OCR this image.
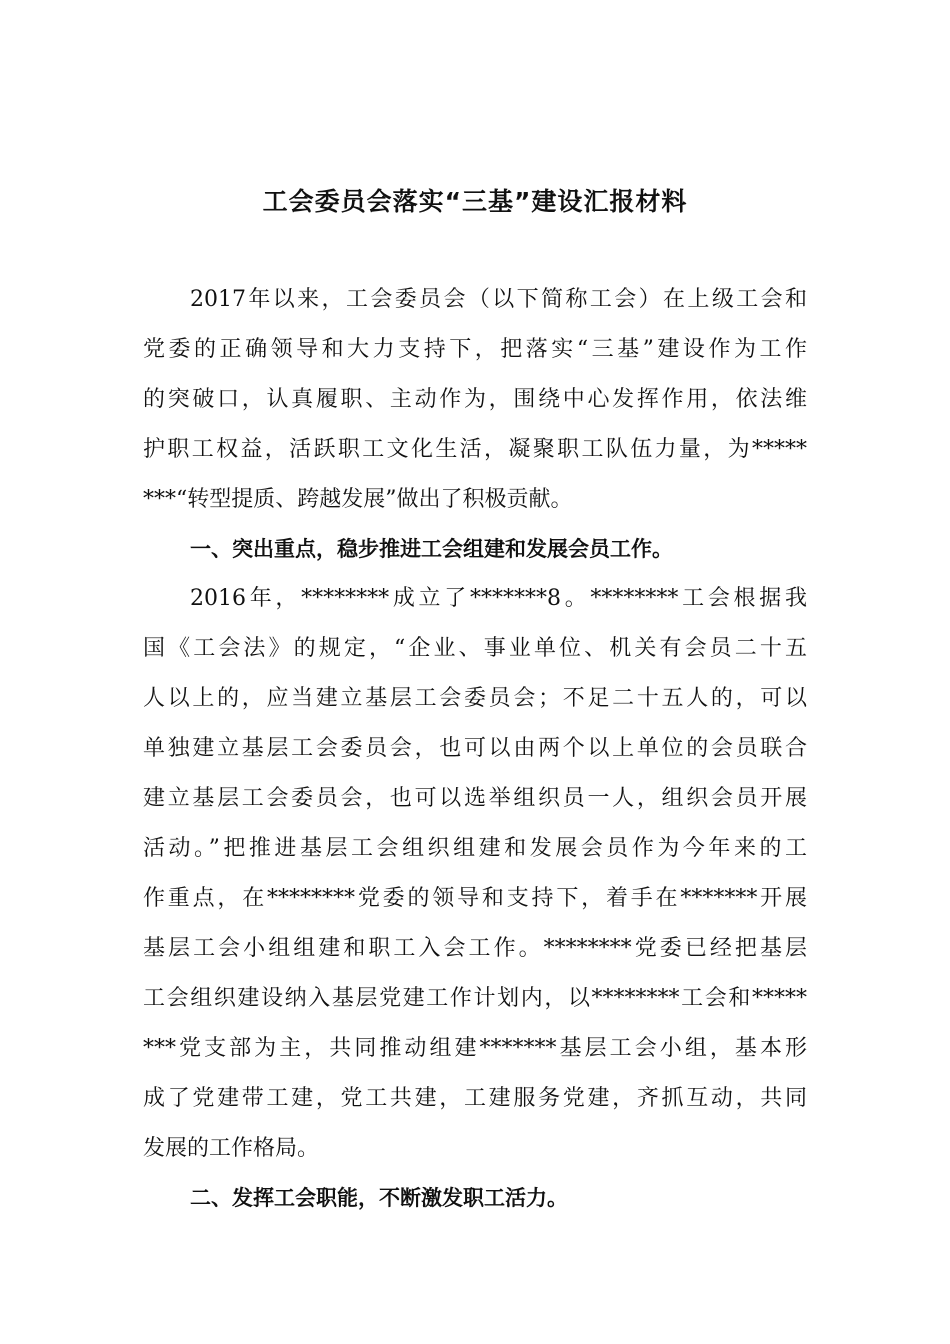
工会委员会落实“三基”建设汇报材料
2017年以来，工会委员会（以下简称工会）在上级工会和
党委的正确领导和大力支持下，把落实“三基”建设作为工作
的突破口，认真履职、主动作为，围绕中心发挥作用，依法维
护职工权益，活跃职工文化生活，凝聚职工队伍力量，为*****
***“转型提质、跨越发展”做出了积极贡献。
一、突出重点，稳步推进工会组建和发展会员工作。
2016年，********成立了*******8。********工会根据我
国《工会法》的规定，“企业、事业单位、机关有会员二十五
人以上的，应当建立基层工会委员会；不足二十五人的，可以
单独建立基层工会委员会，也可以由两个以上单位的会员联合
建立基层工会委员会，也可以选举组织员一人，组织会员开展
活动。”把推进基层工会组织组建和发展会员作为今年来的工
作重点，在********党委的领导和支持下，着手在*******开展
基层工会小组组建和职工入会工作。********党委已经把基层
工会组织建设纳入基层党建工作计划内，以********工会和*****
***党支部为主，共同推动组建*******基层工会小组，基本形
成了党建带工建，党工共建，工建服务党建，齐抓互动，共同
发展的工作格局。
二、发挥工会职能，不断激发职工活力。
